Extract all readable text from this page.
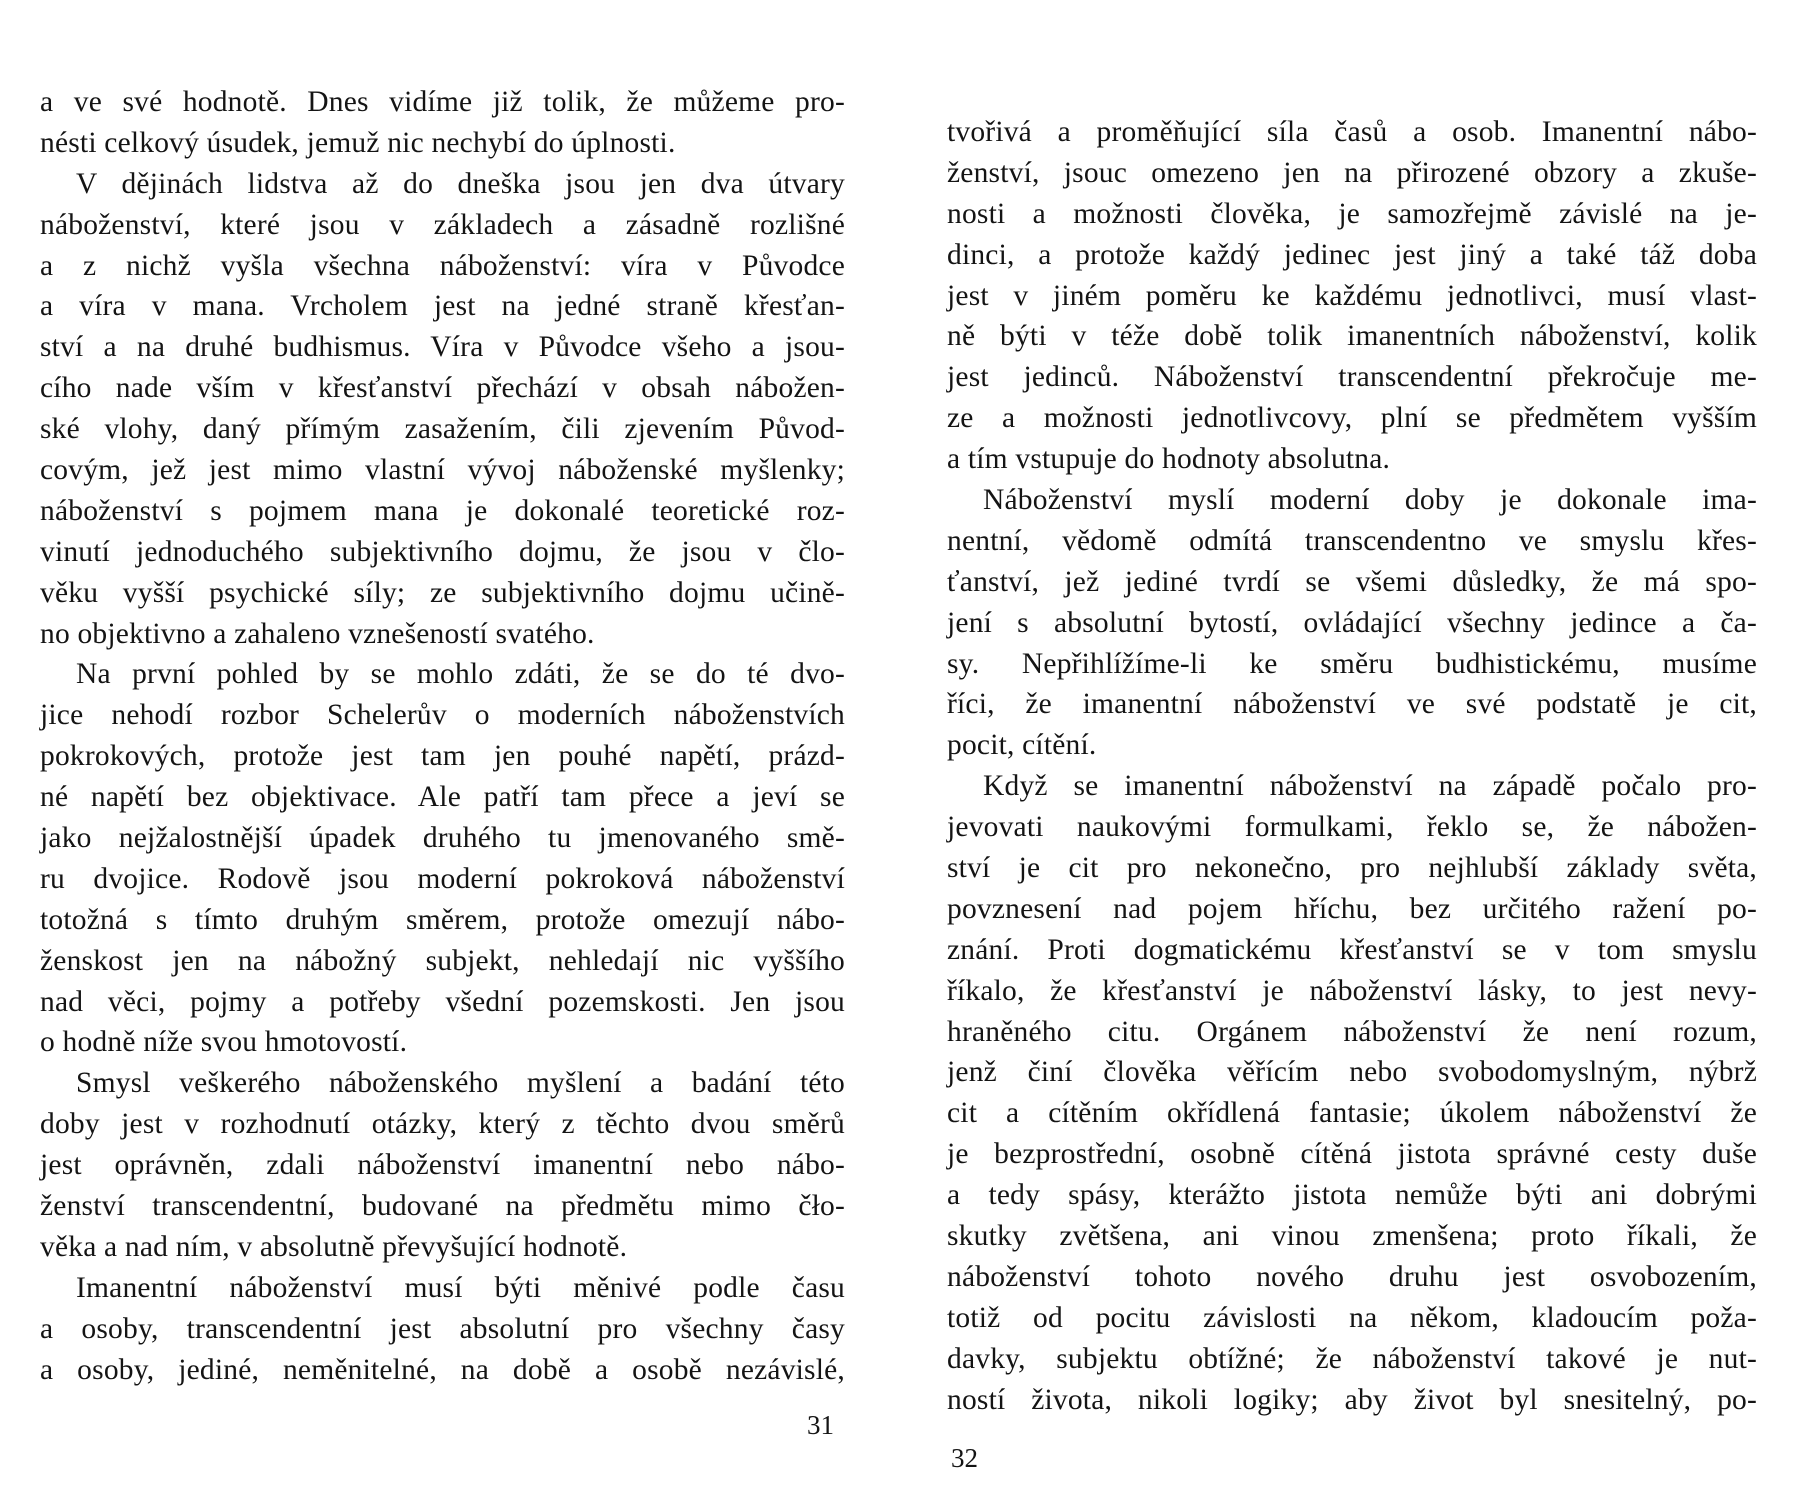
a ve své hodnotě. Dnes vidíme již tolik, že můžeme pro-
nésti celkový úsudek, jemuž nic nechybí do úplnosti.
V dějinách lidstva až do dneška jsou jen dva útvary
náboženství, které jsou v základech a zásadně rozlišné
a z nichž vyšla všechna náboženství: víra v Původce
a víra v mana. Vrcholem jest na jedné straně křesťan-
ství a na druhé budhismus. Víra v Původce všeho a jsou-
cího nade vším v křesťanství přechází v obsah nábožen-
ské vlohy, daný přímým zasažením, čili zjevením Původ-
covým, jež jest mimo vlastní vývoj náboženské myšlenky;
náboženství s pojmem mana je dokonalé teoretické roz-
vinutí jednoduchého subjektivního dojmu, že jsou v člo-
věku vyšší psychické síly; ze subjektivního dojmu učině-
no objektivno a zahaleno vznešeností svatého.
Na první pohled by se mohlo zdáti, že se do té dvo-
jice nehodí rozbor Schelerův o moderních náboženstvích
pokrokových, protože jest tam jen pouhé napětí, prázd-
né napětí bez objektivace. Ale patří tam přece a jeví se
jako nejžalostnější úpadek druhého tu jmenovaného smě-
ru dvojice. Rodově jsou moderní pokroková náboženství
totožná s tímto druhým směrem, protože omezují nábo-
ženskost jen na nábožný subjekt, nehledají nic vyššího
nad věci, pojmy a potřeby všední pozemskosti. Jen jsou
o hodně níže svou hmotovostí.
Smysl veškerého náboženského myšlení a badání této
doby jest v rozhodnutí otázky, který z těchto dvou směrů
jest oprávněn, zdali náboženství imanentní nebo nábo-
ženství transcendentní, budované na předmětu mimo čło-
věka a nad ním, v absolutně převyšující hodnotě.
Imanentní náboženství musí býti měnivé podle času
a osoby, transcendentní jest absolutní pro všechny časy
a osoby, jediné, neměnitelné, na době a osobě nezávislé,
31
tvořivá a proměňující síla časů a osob. Imanentní nábo-
ženství, jsouc omezeno jen na přirozené obzory a zkuše-
nosti a možnosti člověka, je samozřejmě závislé na je-
dinci, a protože každý jedinec jest jiný a také táž doba
jest v jiném poměru ke každému jednotlivci, musí vlast-
ně býti v téže době tolik imanentních náboženství, kolik
jest jedinců. Náboženství transcendentní překročuje me-
ze a možnosti jednotlivcovy, plní se předmětem vyšším
a tím vstupuje do hodnoty absolutna.
Náboženství myslí moderní doby je dokonale ima-
nentní, vědomě odmítá transcendentno ve smyslu křes-
ťanství, jež jediné tvrdí se všemi důsledky, že má spo-
jení s absolutní bytostí, ovládající všechny jedince a ča-
sy. Nepřihlížíme-li ke směru budhistickému, musíme
říci, že imanentní náboženství ve své podstatě je cit,
pocit, cítění.
Když se imanentní náboženství na západě počalo pro-
jevovati naukovými formulkami, řeklo se, že nábožen-
ství je cit pro nekonečno, pro nejhlubší základy světa,
povznesení nad pojem hříchu, bez určitého ražení po-
znání. Proti dogmatickému křesťanství se v tom smyslu
říkalo, že křesťanství je náboženství lásky, to jest nevy-
hraněného citu. Orgánem náboženství že není rozum,
jenž činí člověka věřícím nebo svobodomyslným, nýbrž
cit a cítěním okřídlená fantasie; úkolem náboženství že
je bezprostřední, osobně cítěná jistota správné cesty duše
a tedy spásy, kterážto jistota nemůže býti ani dobrými
skutky zvětšena, ani vinou zmenšena; proto říkali, že
náboženství tohoto nového druhu jest osvobozením,
totiž od pocitu závislosti na někom, kladoucím poža-
davky, subjektu obtížné; že náboženství takové je nut-
ností života, nikoli logiky; aby život byl snesitelný, po-
32
